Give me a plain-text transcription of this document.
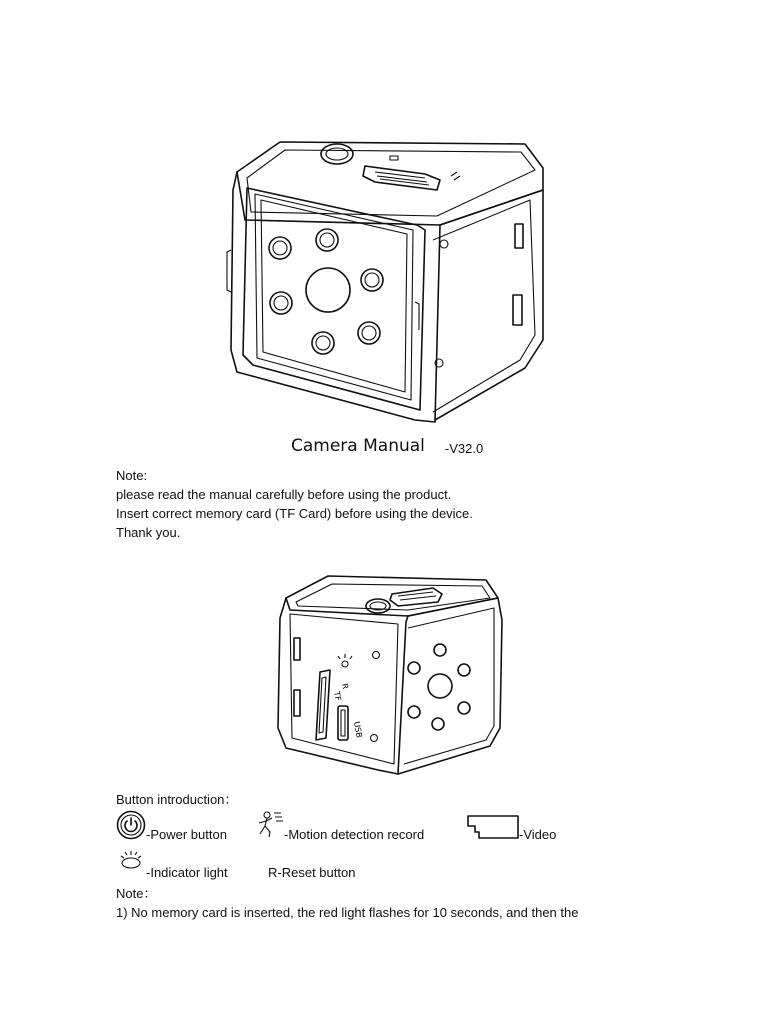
Camera Manual -V32.0
Note:
please read the manual carefully before using the product.
Insert correct memory card (TF Card) before using the device.
Thank you.
R
TF
USB
Button introduction：
-Power button	-Motion detection record	-Video
-Indicator light	R-Reset button
Note：
1) No memory card is inserted, the red light flashes for 10 seconds, and then the
